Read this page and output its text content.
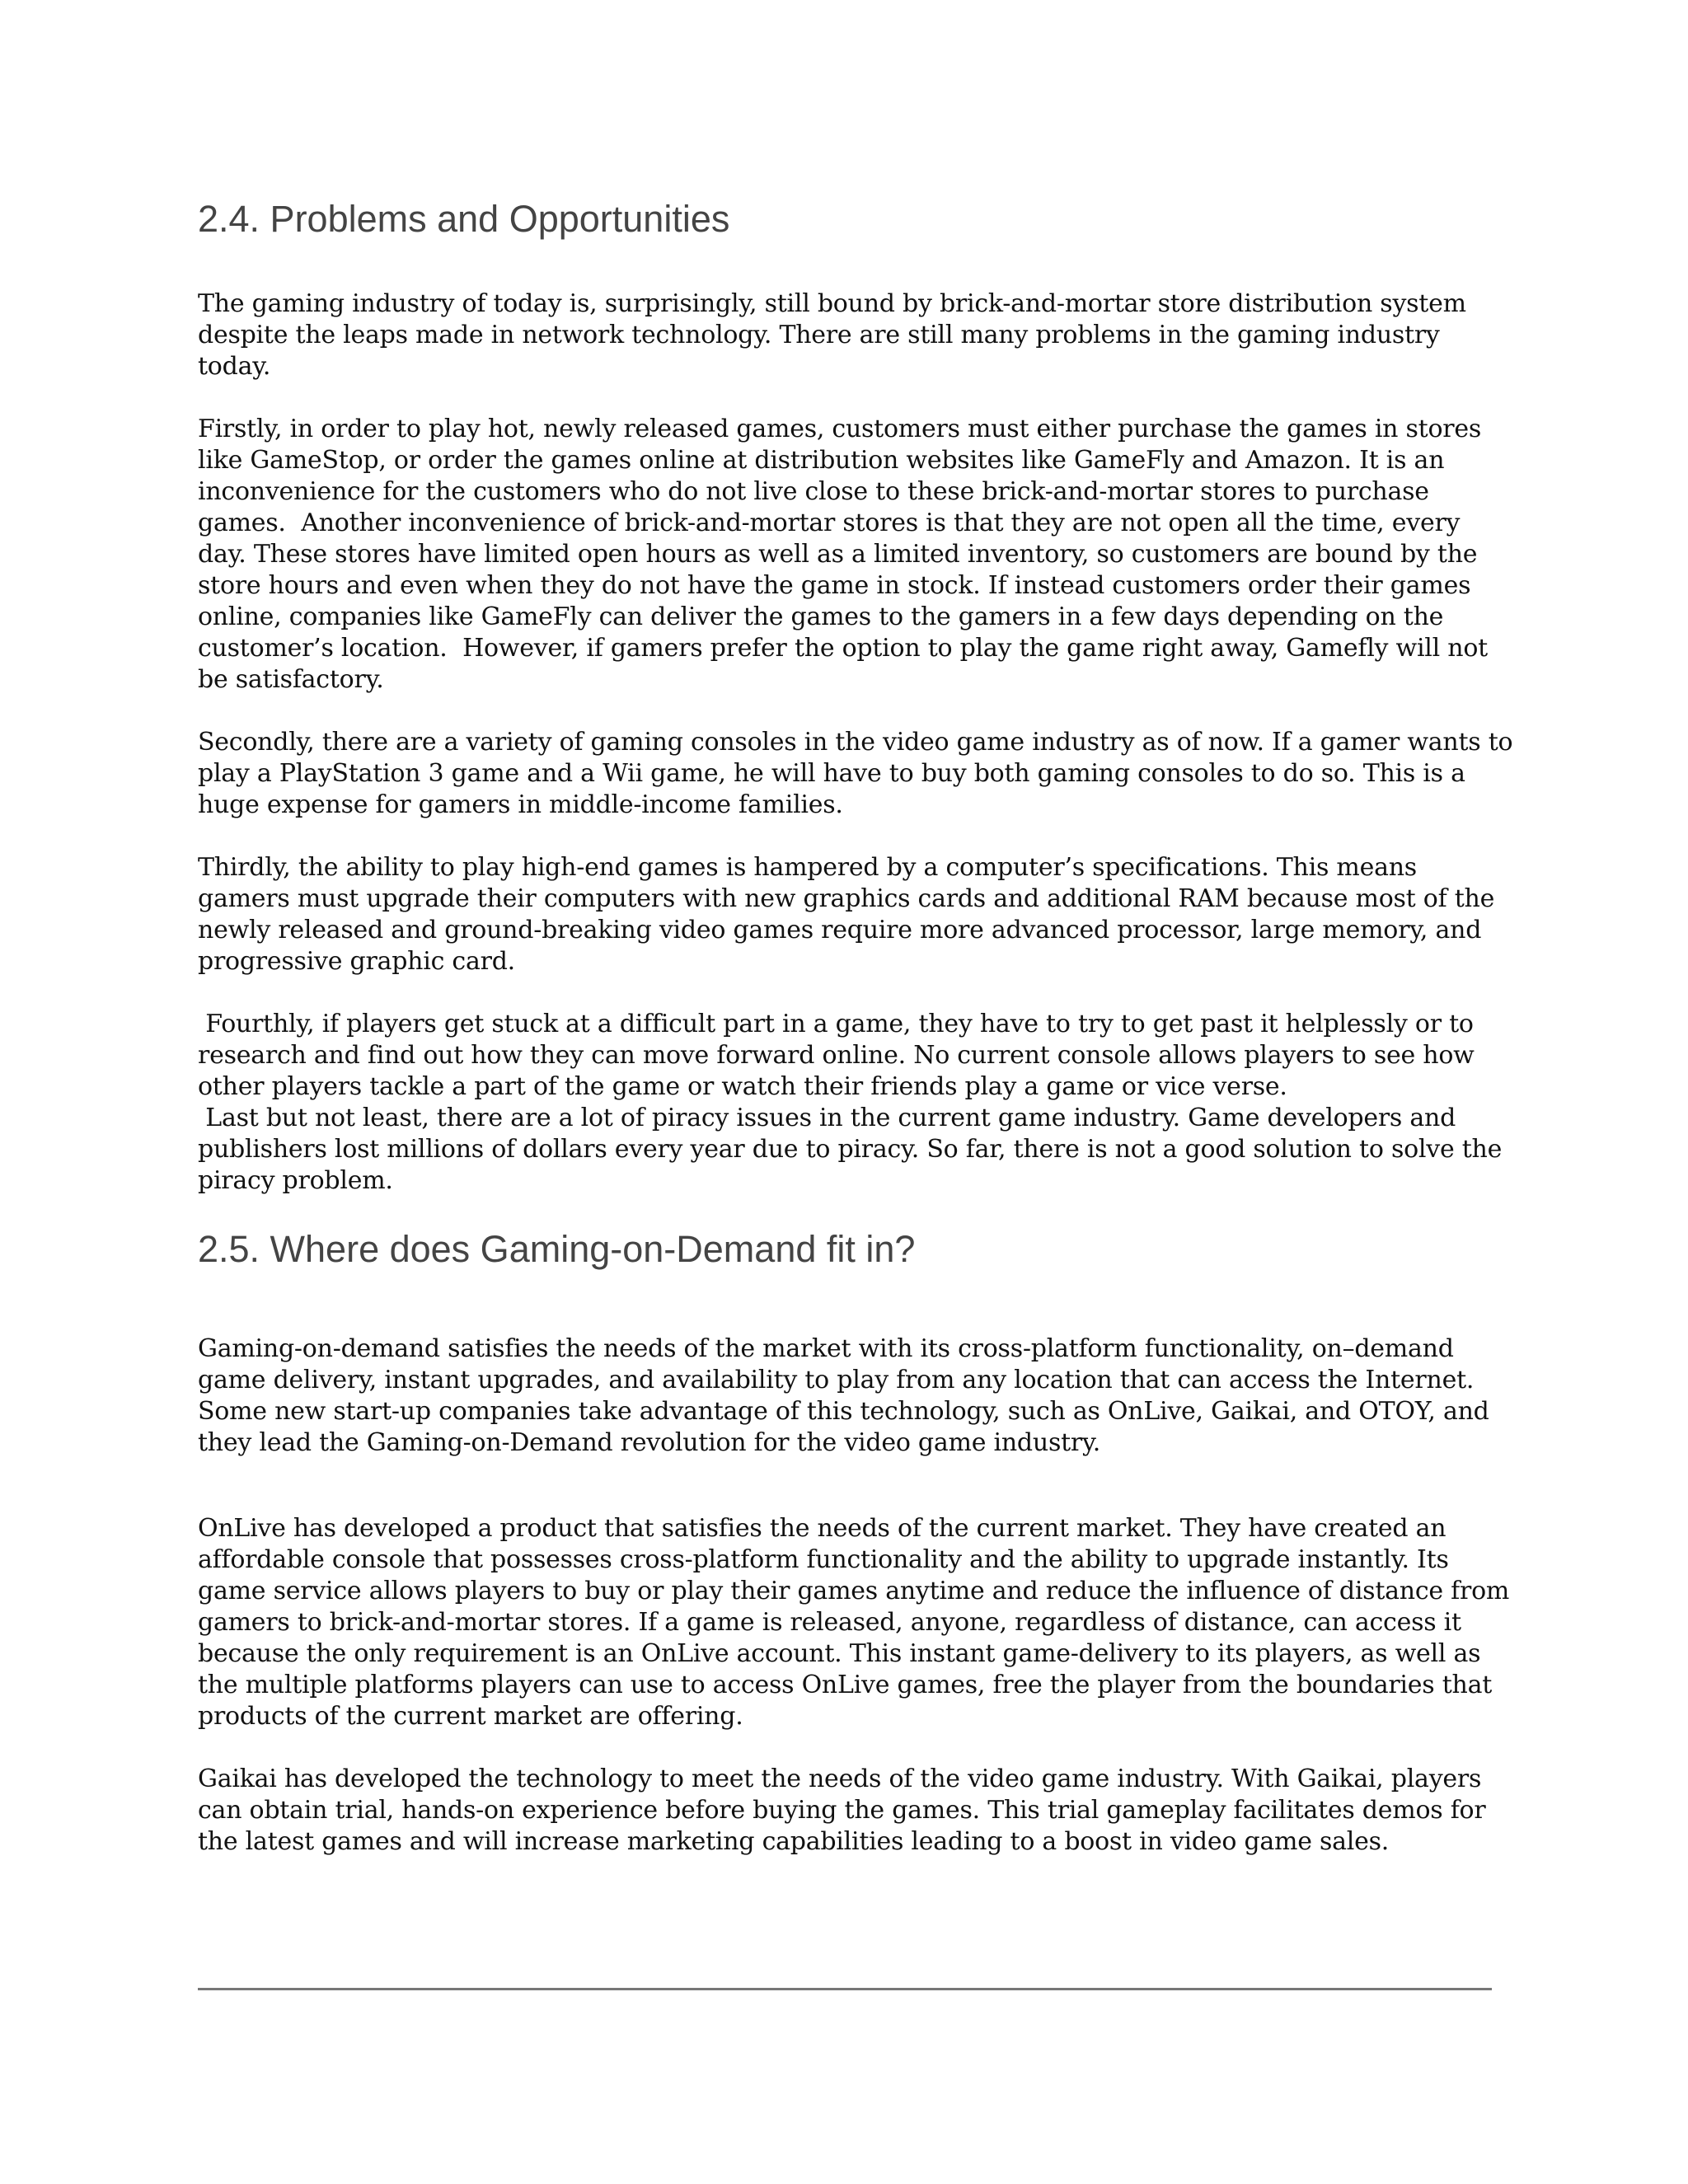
2.4. Problems and Opportunities

The gaming industry of today is, surprisingly, still bound by brick-and-mortar store distribution system
despite the leaps made in network technology. There are still many problems in the gaming industry
today.

Firstly, in order to play hot, newly released games, customers must either purchase the games in stores
like GameStop, or order the games online at distribution websites like GameFly and Amazon. It is an
inconvenience for the customers who do not live close to these brick-and-mortar stores to purchase
games.  Another inconvenience of brick-and-mortar stores is that they are not open all the time, every
day. These stores have limited open hours as well as a limited inventory, so customers are bound by the
store hours and even when they do not have the game in stock. If instead customers order their games
online, companies like GameFly can deliver the games to the gamers in a few days depending on the
customer’s location.  However, if gamers prefer the option to play the game right away, Gamefly will not
be satisfactory.

Secondly, there are a variety of gaming consoles in the video game industry as of now. If a gamer wants to
play a PlayStation 3 game and a Wii game, he will have to buy both gaming consoles to do so. This is a
huge expense for gamers in middle-income families.

Thirdly, the ability to play high-end games is hampered by a computer’s specifications. This means
gamers must upgrade their computers with new graphics cards and additional RAM because most of the
newly released and ground-breaking video games require more advanced processor, large memory, and
progressive graphic card.

Fourthly, if players get stuck at a difficult part in a game, they have to try to get past it helplessly or to
research and find out how they can move forward online. No current console allows players to see how
other players tackle a part of the game or watch their friends play a game or vice verse.
Last but not least, there are a lot of piracy issues in the current game industry. Game developers and
publishers lost millions of dollars every year due to piracy. So far, there is not a good solution to solve the
piracy problem.

2.5. Where does Gaming-on-Demand fit in?

Gaming-on-demand satisfies the needs of the market with its cross-platform functionality, on–demand
game delivery, instant upgrades, and availability to play from any location that can access the Internet.
Some new start-up companies take advantage of this technology, such as OnLive, Gaikai, and OTOY, and
they lead the Gaming-on-Demand revolution for the video game industry.

OnLive has developed a product that satisfies the needs of the current market. They have created an
affordable console that possesses cross-platform functionality and the ability to upgrade instantly. Its
game service allows players to buy or play their games anytime and reduce the influence of distance from
gamers to brick-and-mortar stores. If a game is released, anyone, regardless of distance, can access it
because the only requirement is an OnLive account. This instant game-delivery to its players, as well as
the multiple platforms players can use to access OnLive games, free the player from the boundaries that
products of the current market are offering.

Gaikai has developed the technology to meet the needs of the video game industry. With Gaikai, players
can obtain trial, hands-on experience before buying the games. This trial gameplay facilitates demos for
the latest games and will increase marketing capabilities leading to a boost in video game sales.
